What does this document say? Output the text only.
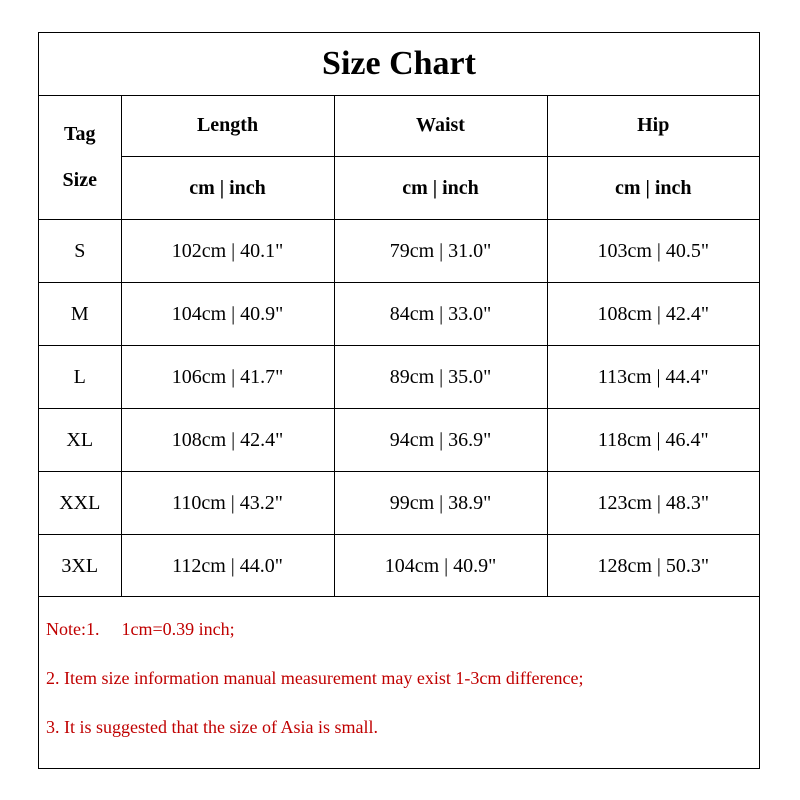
Size Chart
Tag
Size	Length	Waist	Hip
	cm | inch	cm | inch	cm | inch
S	102cm | 40.1"	79cm | 31.0"	103cm | 40.5"
M	104cm | 40.9"	84cm | 33.0"	108cm | 42.4"
L	106cm | 41.7"	89cm | 35.0"	113cm | 44.4"
XL	108cm | 42.4"	94cm | 36.9"	118cm | 46.4"
XXL	110cm | 43.2"	99cm | 38.9"	123cm | 48.3"
3XL	112cm | 44.0"	104cm | 40.9"	128cm | 50.3"
Note:1. 1cm=0.39 inch;
2. Item size information manual measurement may exist 1-3cm difference;
3. It is suggested that the size of Asia is small.
